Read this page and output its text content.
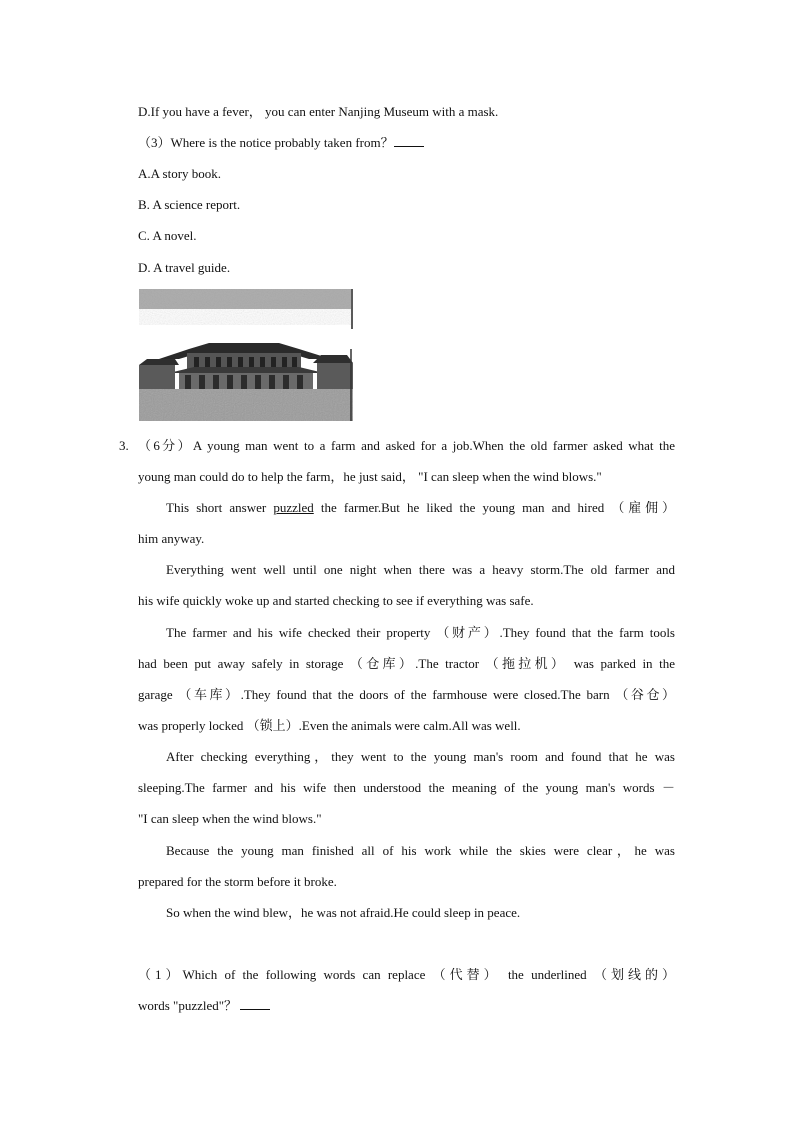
D.If you have a fever， you can enter Nanjing Museum with a mask.
（3）Where is the notice probably taken from？
A.A story book.
B. A science report.
C. A novel.
D. A travel guide.
3. （6分）A young man went to a farm and asked for a job.When the old farmer asked what the
young man could do to help the farm，he just said， "I can sleep when the wind blows."
This short answer puzzled the farmer.But he liked the young man and hired （雇佣）
him anyway.
Everything went well until one night when there was a heavy storm.The old farmer and
his wife quickly woke up and started checking to see if everything was safe.
The farmer and his wife checked their property （财产）.They found that the farm tools
had been put away safely in storage （仓库）.The tractor （拖拉机） was parked in the
garage （车库）.They found that the doors of the farmhouse were closed.The barn （谷仓）
was properly locked （锁上）.Even the animals were calm.All was well.
After checking everything，they went to the young man's room and found that he was
sleeping.The farmer and his wife then understood the meaning of the young man's words －
"I can sleep when the wind blows."
Because the young man finished all of his work while the skies were clear，he was
prepared for the storm before it broke.
So when the wind blew，he was not afraid.He could sleep in peace.
（1）Which of the following words can replace （代替） the underlined （划线的）
words "puzzled"？
